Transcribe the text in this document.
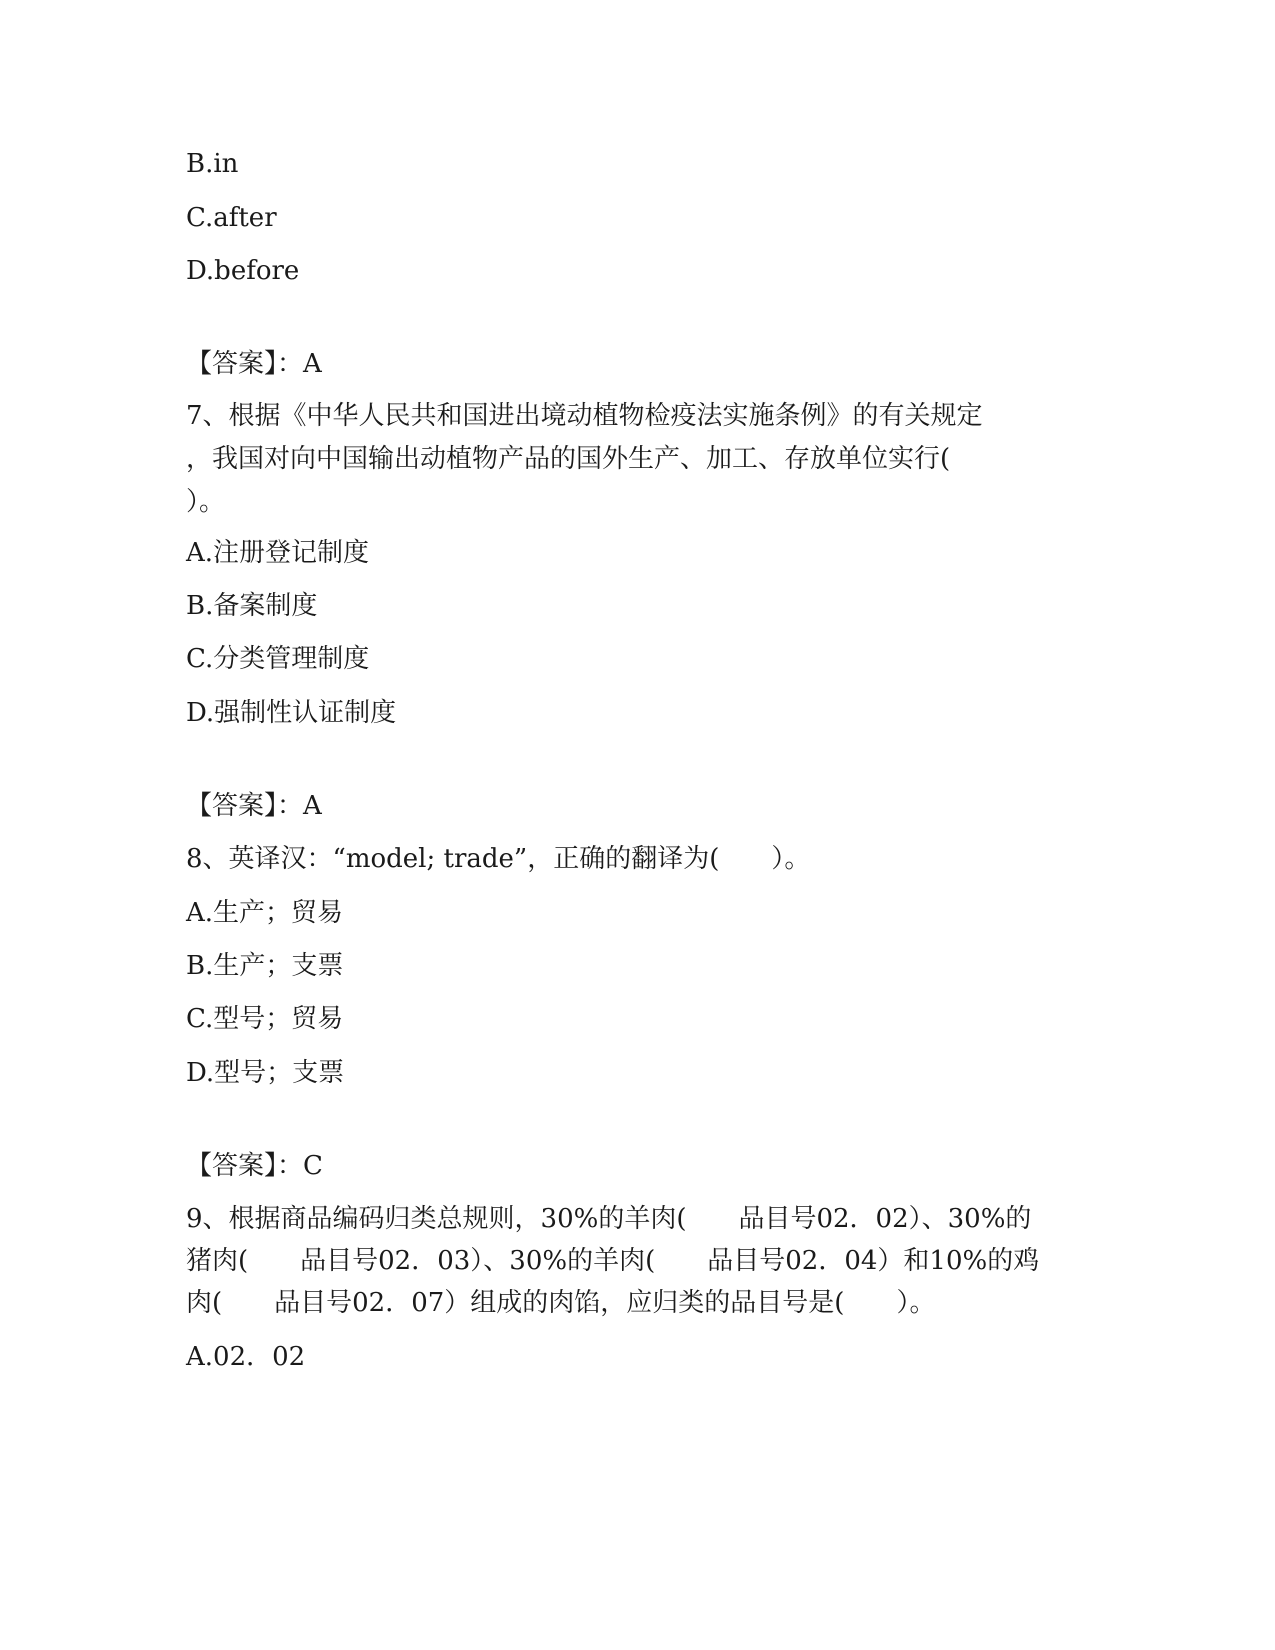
B.in
C.after
D.before
【答案】：A
7、根据《中华人民共和国进出境动植物检疫法实施条例》的有关规定
，我国对向中国输出动植物产品的国外生产、加工、存放单位实行(
）。
A.注册登记制度
B.备案制度
C.分类管理制度
D.强制性认证制度
【答案】：A
8、英译汉：“model; trade”，正确的翻译为(　　）。
A.生产；贸易
B.生产；支票
C.型号；贸易
D.型号；支票
【答案】：C
9、根据商品编码归类总规则，30%的羊肉(　　品目号02．02）、30%的
猪肉(　　品目号02．03）、30%的羊肉(　　品目号02．04）和10%的鸡
肉(　　品目号02．07）组成的肉馅，应归类的品目号是(　　）。
A.02．02
